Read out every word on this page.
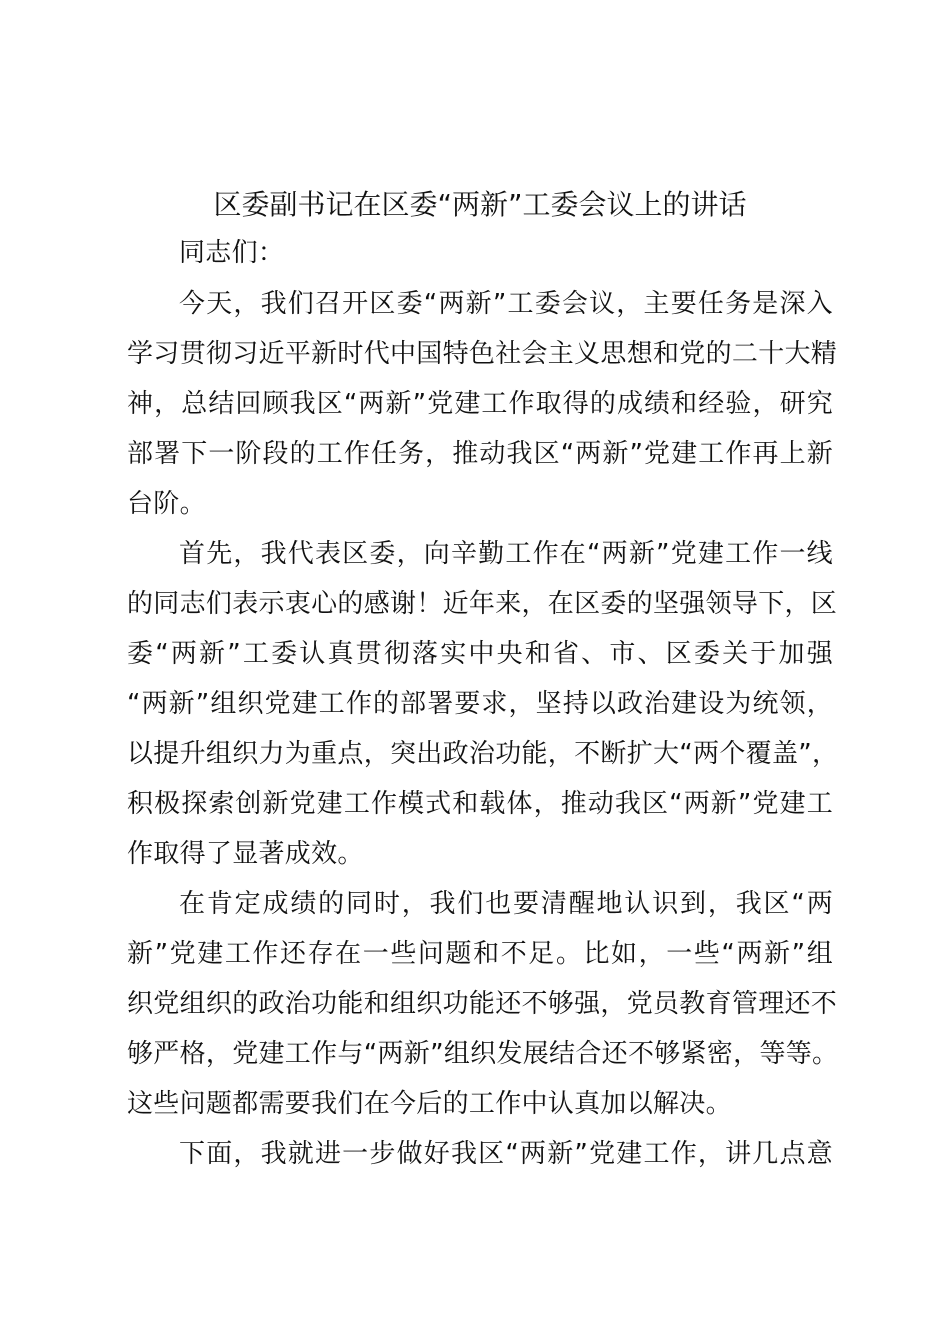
区委副书记在区委“两新”工委会议上的讲话
同志们：
今天，我们召开区委“两新”工委会议，主要任务是深入
学习贯彻习近平新时代中国特色社会主义思想和党的二十大精
神，总结回顾我区“两新”党建工作取得的成绩和经验，研究
部署下一阶段的工作任务，推动我区“两新”党建工作再上新
台阶。
首先，我代表区委，向辛勤工作在“两新”党建工作一线
的同志们表示衷心的感谢！近年来，在区委的坚强领导下，区
委“两新”工委认真贯彻落实中央和省、市、区委关于加强
“两新”组织党建工作的部署要求，坚持以政治建设为统领，
以提升组织力为重点，突出政治功能，不断扩大“两个覆盖”，
积极探索创新党建工作模式和载体，推动我区“两新”党建工
作取得了显著成效。
在肯定成绩的同时，我们也要清醒地认识到，我区“两
新”党建工作还存在一些问题和不足。比如，一些“两新”组
织党组织的政治功能和组织功能还不够强，党员教育管理还不
够严格，党建工作与“两新”组织发展结合还不够紧密，等等。
这些问题都需要我们在今后的工作中认真加以解决。
下面，我就进一步做好我区“两新”党建工作，讲几点意
